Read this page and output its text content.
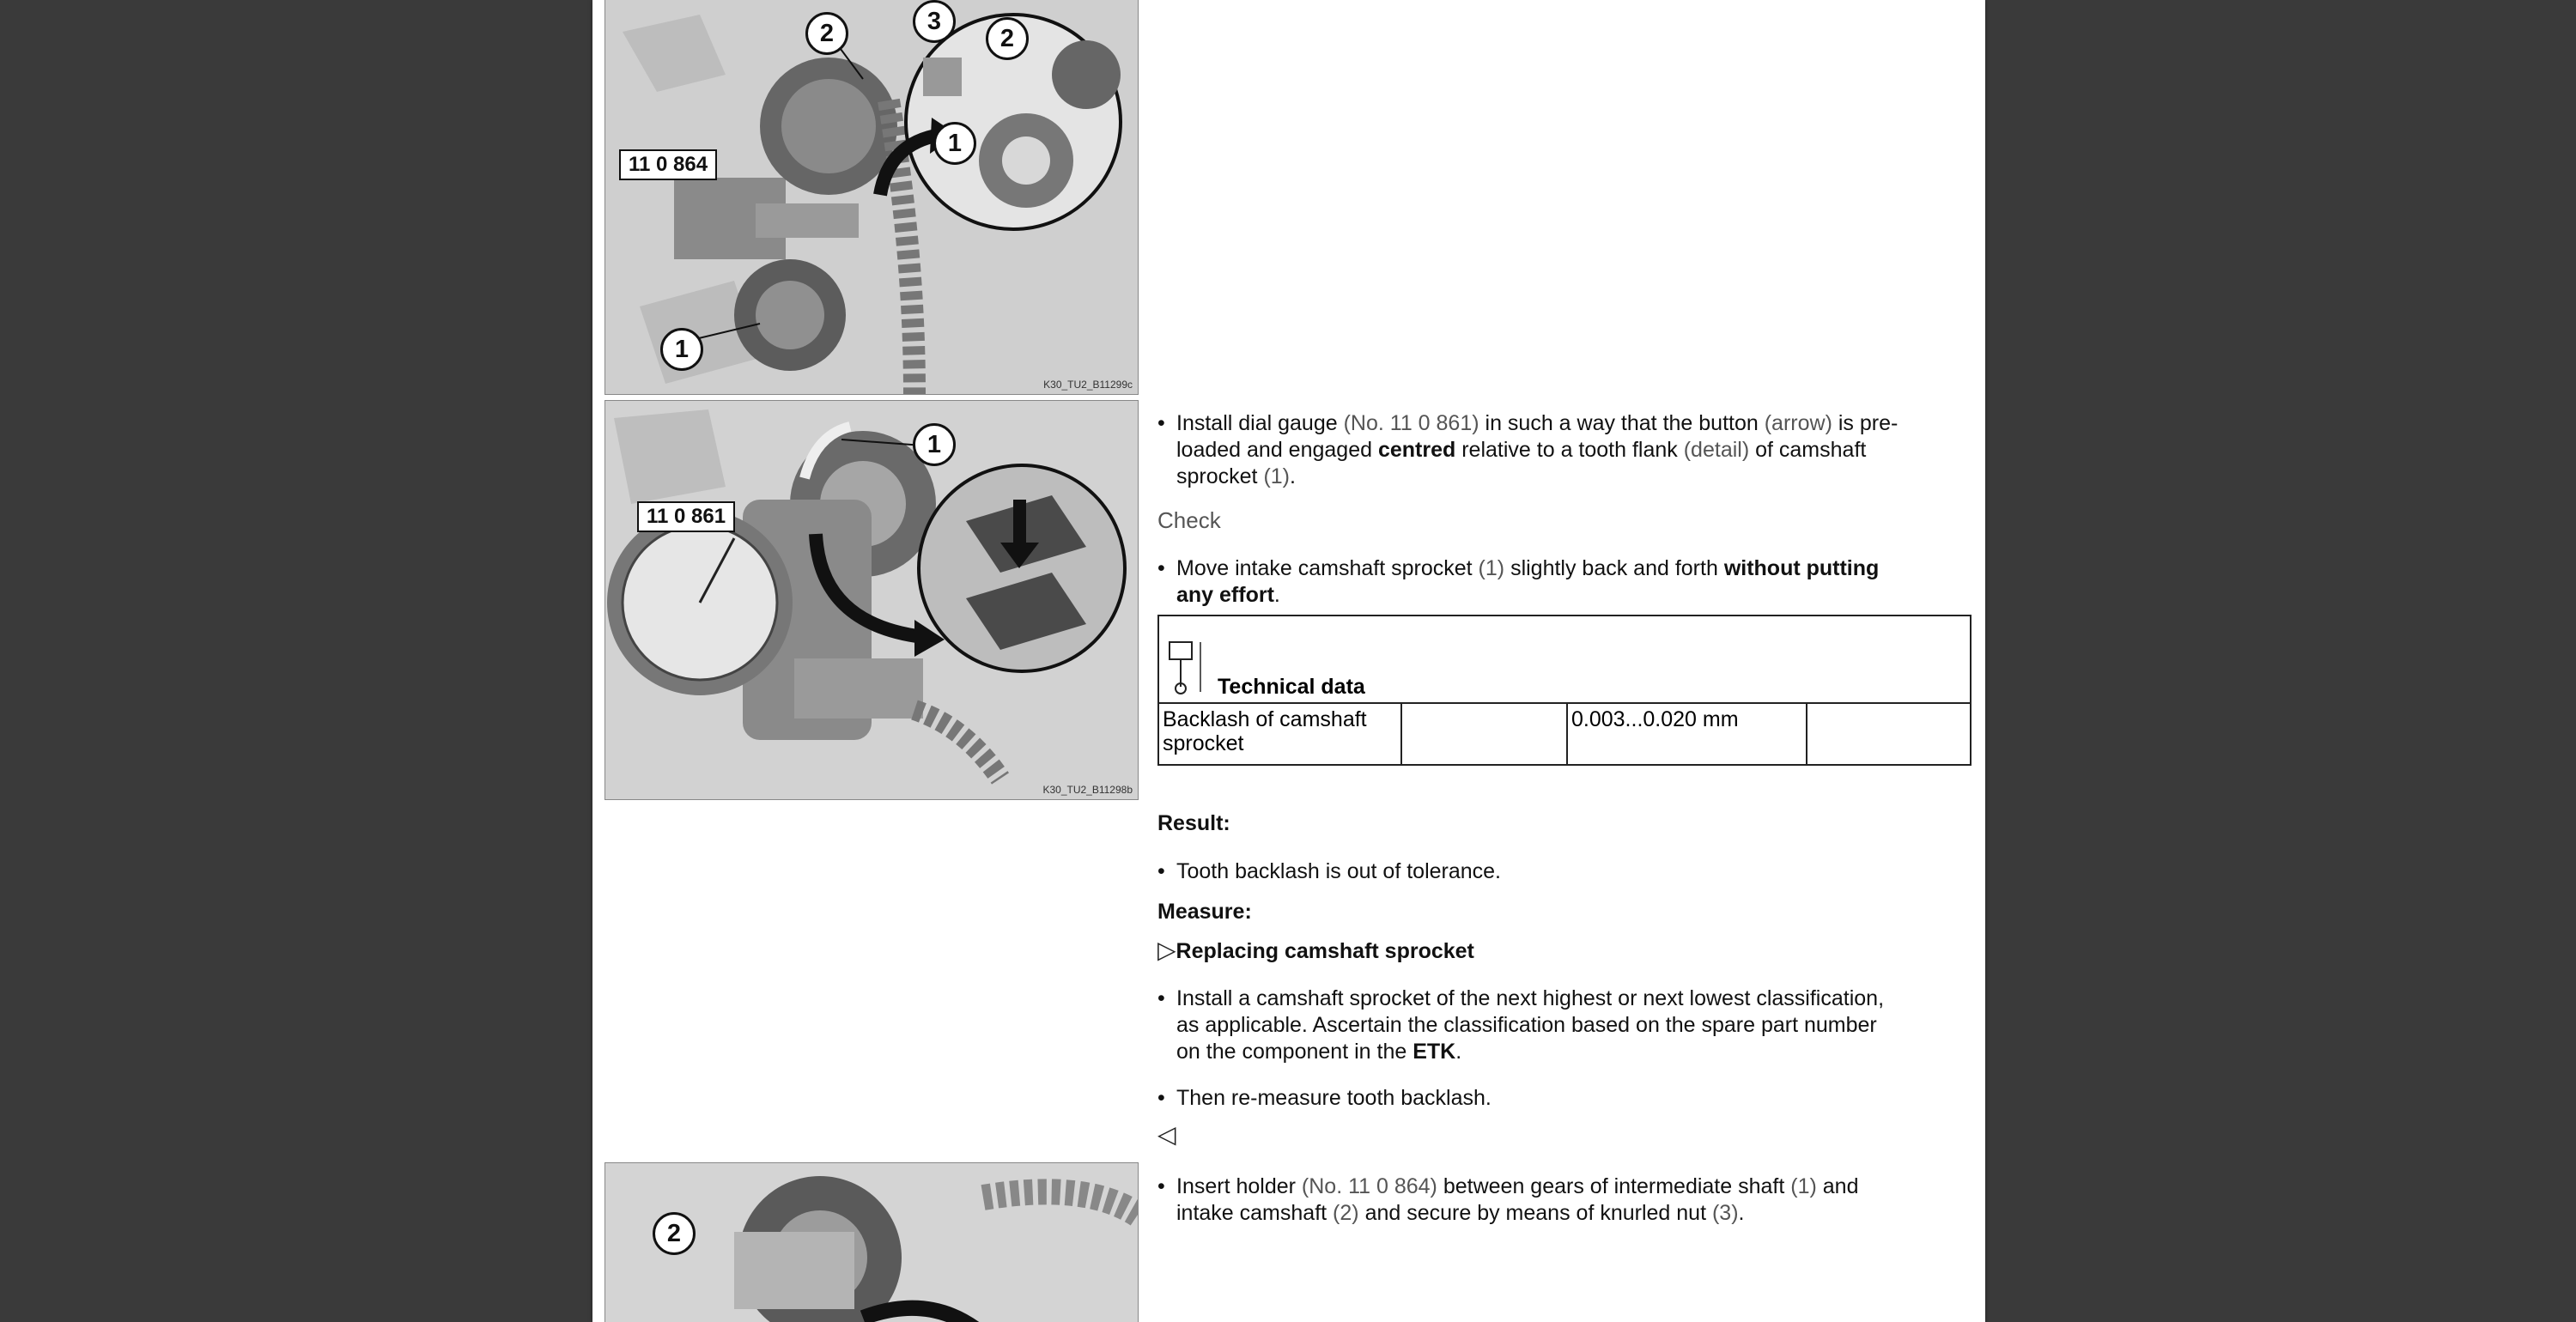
2	3
2
1
1
11 0 864
K30_TU2_B11299c
1
11 0 861
K30_TU2_B11298b
2
• Install dial gauge (No. 11 0 861) in such a way that the button (arrow) is pre-
loaded and engaged centred relative to a tooth flank (detail) of camshaft
sprocket (1).
Check
• Move intake camshaft sprocket (1) slightly back and forth without putting
any effort.
Technical data
Backlash of camshaft sprocket		0.003...0.020 mm	
Result:
• Tooth backlash is out of tolerance.
Measure:
▷Replacing camshaft sprocket
• Install a camshaft sprocket of the next highest or next lowest classification,
as applicable. Ascertain the classification based on the spare part number
on the component in the ETK.
• Then re-measure tooth backlash.
◁
• Insert holder (No. 11 0 864) between gears of intermediate shaft (1) and
intake camshaft (2) and secure by means of knurled nut (3).
